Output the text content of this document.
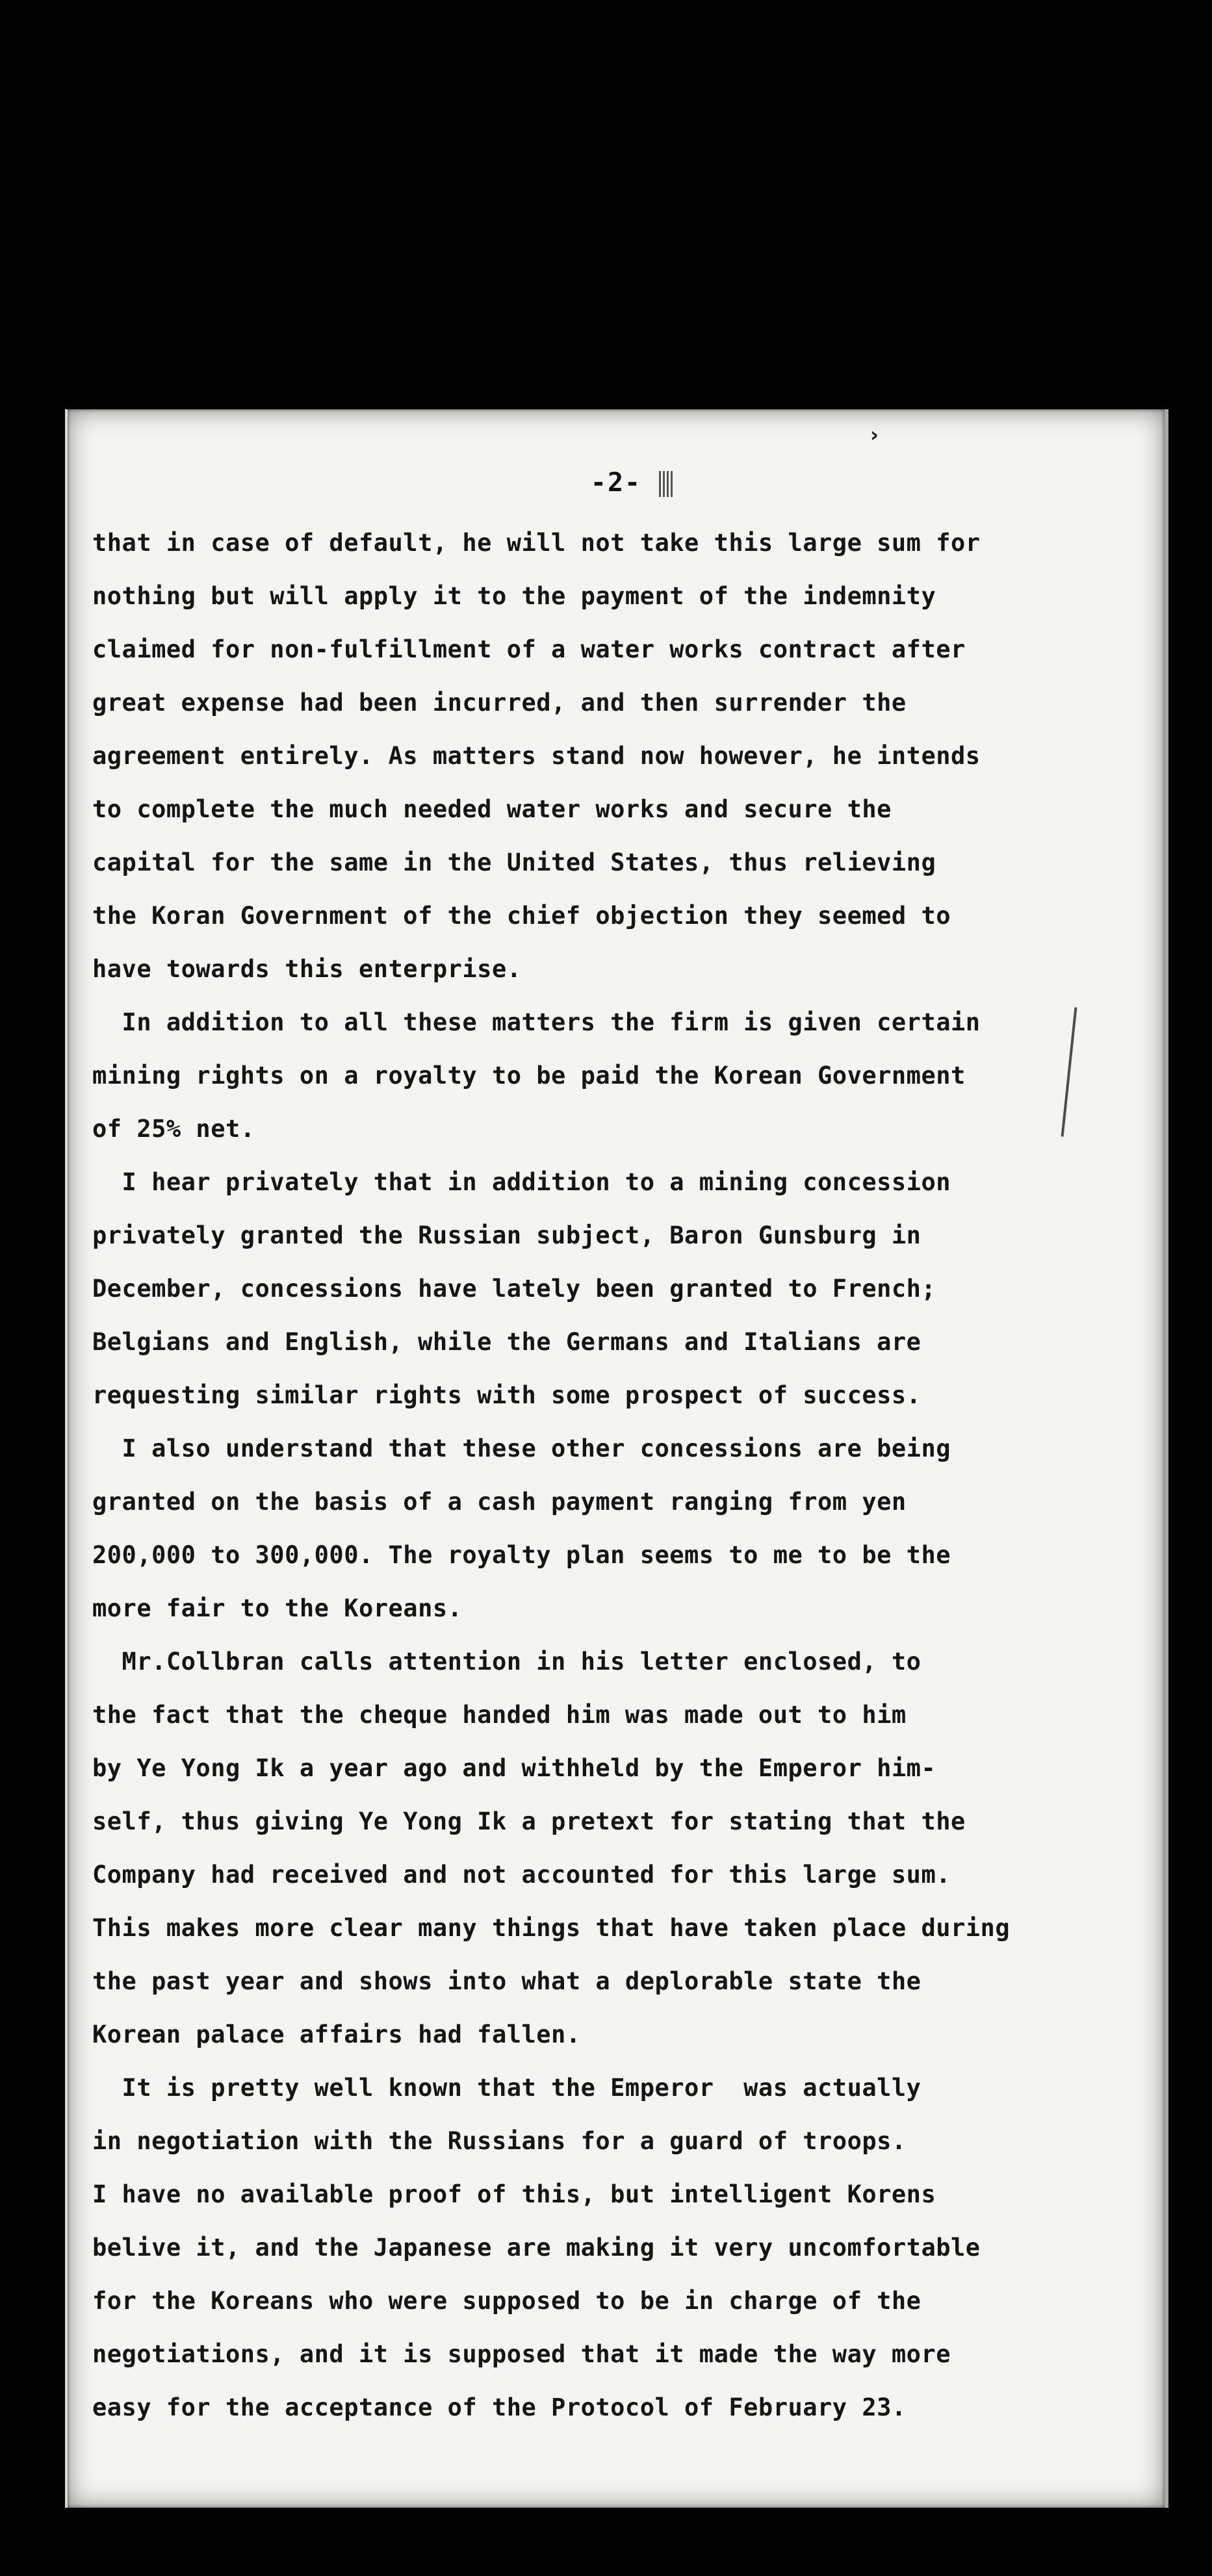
›
-2-
that in case of default, he will not take this large sum for
nothing but will apply it to the payment of the indemnity
claimed for non-fulfillment of a water works contract after
great expense had been incurred, and then surrender the
agreement entirely. As matters stand now however, he intends
to complete the much needed water works and secure the
capital for the same in the United States, thus relieving
the Koran Government of the chief objection they seemed to
have towards this enterprise.
In addition to all these matters the firm is given certain
mining rights on a royalty to be paid the Korean Government
of 25% net.
I hear privately that in addition to a mining concession
privately granted the Russian subject, Baron Gunsburg in
December, concessions have lately been granted to French;
Belgians and English, while the Germans and Italians are
requesting similar rights with some prospect of success.
I also understand that these other concessions are being
granted on the basis of a cash payment ranging from yen
200,000 to 300,000. The royalty plan seems to me to be the
more fair to the Koreans.
Mr.Collbran calls attention in his letter enclosed, to
the fact that the cheque handed him was made out to him
by Ye Yong Ik a year ago and withheld by the Emperor him-
self, thus giving Ye Yong Ik a pretext for stating that the
Company had received and not accounted for this large sum.
This makes more clear many things that have taken place during
the past year and shows into what a deplorable state the
Korean palace affairs had fallen.
It is pretty well known that the Emperor  was actually
in negotiation with the Russians for a guard of troops.
I have no available proof of this, but intelligent Korens
belive it, and the Japanese are making it very uncomfortable
for the Koreans who were supposed to be in charge of the
negotiations, and it is supposed that it made the way more
easy for the acceptance of the Protocol of February 23.
